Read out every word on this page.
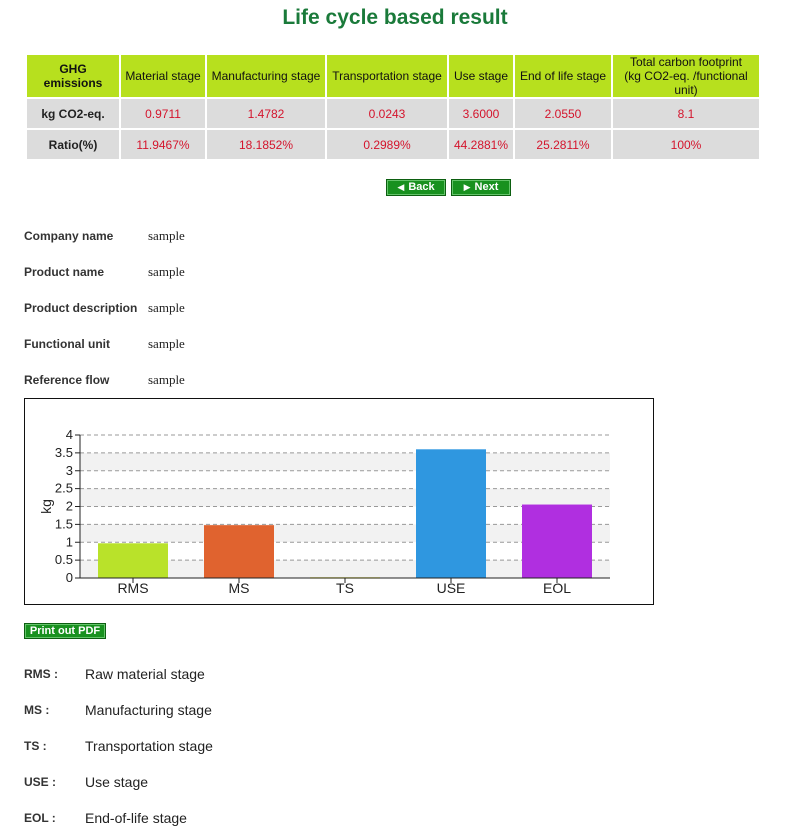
Life cycle based result
GHG emissions	Material stage	Manufacturing stage	Transportation stage	Use stage	End of life stage	Total carbon footprint
(kg CO2-eq. /functional unit)
kg CO2-eq.	0.9711	1.4782	0.0243	3.6000	2.0550	8.1
Ratio(%)	11.9467%	18.1852%	0.2989%	44.2881%	25.2811%	100%
◀ Back	▶ Next
Company name	sample
Product name	sample
Product description sample
Functional unit	sample
Reference flow	sample
0
0.5
1
1.5
2
2.5
3
3.5
4
RMS	MS	TS	USE	EOL
kg
Print out PDF
RMS : Raw material stage
MS :	Manufacturing stage
TS :	Transportation stage
USE : Use stage
EOL : End-of-life stage
